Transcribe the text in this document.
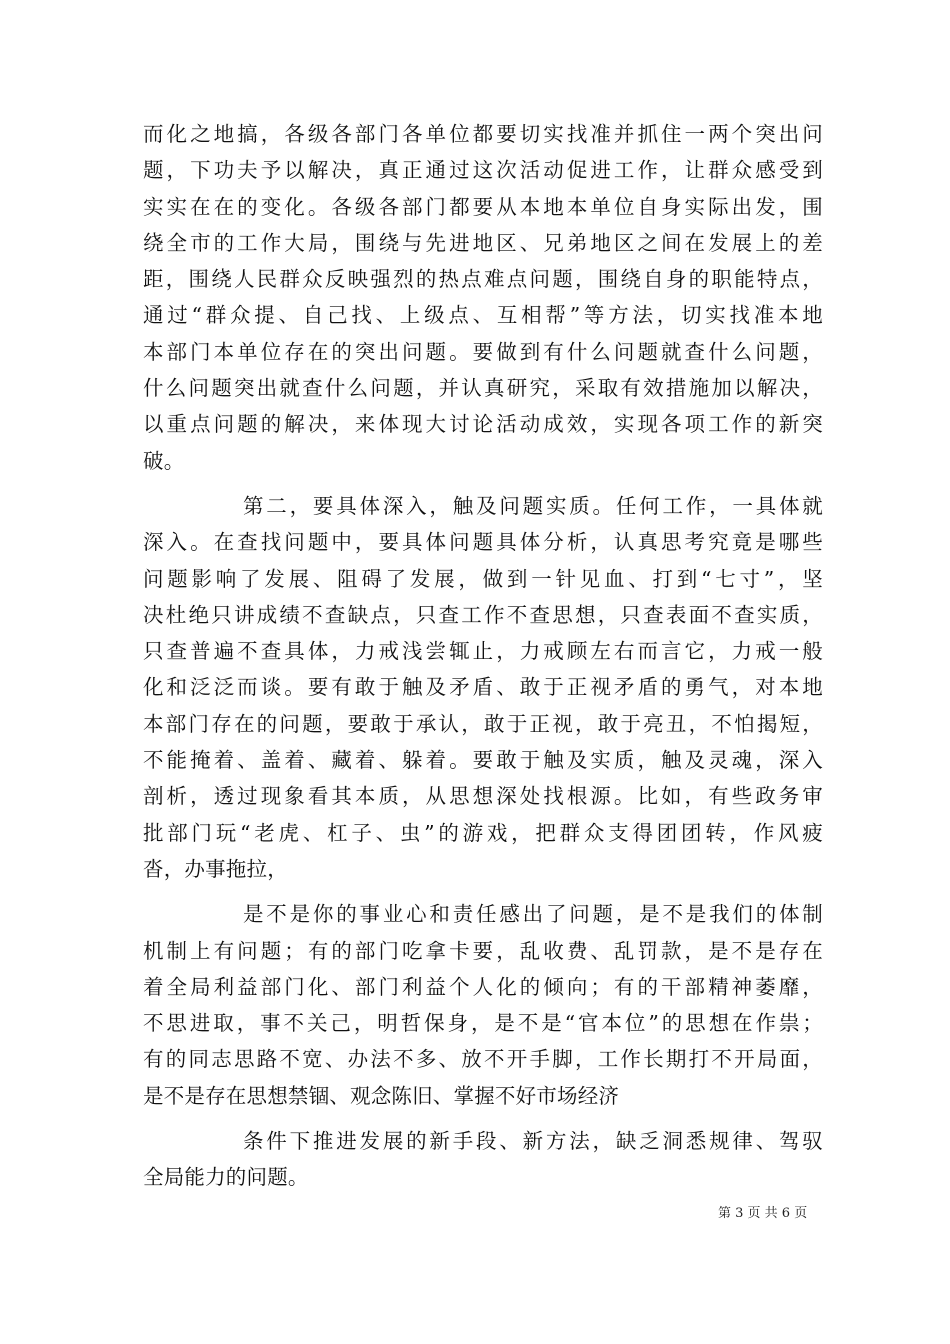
而化之地搞，各级各部门各单位都要切实找准并抓住一两个突出问
题，下功夫予以解决，真正通过这次活动促进工作，让群众感受到
实实在在的变化。各级各部门都要从本地本单位自身实际出发，围
绕全市的工作大局，围绕与先进地区、兄弟地区之间在发展上的差
距，围绕人民群众反映强烈的热点难点问题，围绕自身的职能特点，
通过“群众提、自己找、上级点、互相帮”等方法，切实找准本地
本部门本单位存在的突出问题。要做到有什么问题就查什么问题，
什么问题突出就查什么问题，并认真研究，采取有效措施加以解决，
以重点问题的解决，来体现大讨论活动成效，实现各项工作的新突
破。
第二，要具体深入，触及问题实质。任何工作，一具体就
深入。在查找问题中，要具体问题具体分析，认真思考究竟是哪些
问题影响了发展、阻碍了发展，做到一针见血、打到“七寸”，坚
决杜绝只讲成绩不查缺点，只查工作不查思想，只查表面不查实质，
只查普遍不查具体，力戒浅尝辄止，力戒顾左右而言它，力戒一般
化和泛泛而谈。要有敢于触及矛盾、敢于正视矛盾的勇气，对本地
本部门存在的问题，要敢于承认，敢于正视，敢于亮丑，不怕揭短，
不能掩着、盖着、藏着、躲着。要敢于触及实质，触及灵魂，深入
剖析，透过现象看其本质，从思想深处找根源。比如，有些政务审
批部门玩“老虎、杠子、虫”的游戏，把群众支得团团转，作风疲
沓，办事拖拉，
是不是你的事业心和责任感出了问题，是不是我们的体制
机制上有问题；有的部门吃拿卡要，乱收费、乱罚款，是不是存在
着全局利益部门化、部门利益个人化的倾向；有的干部精神萎靡，
不思进取，事不关己，明哲保身，是不是“官本位”的思想在作祟；
有的同志思路不宽、办法不多、放不开手脚，工作长期打不开局面，
是不是存在思想禁锢、观念陈旧、掌握不好市场经济
条件下推进发展的新手段、新方法，缺乏洞悉规律、驾驭
全局能力的问题。
第 3 页 共 6 页
